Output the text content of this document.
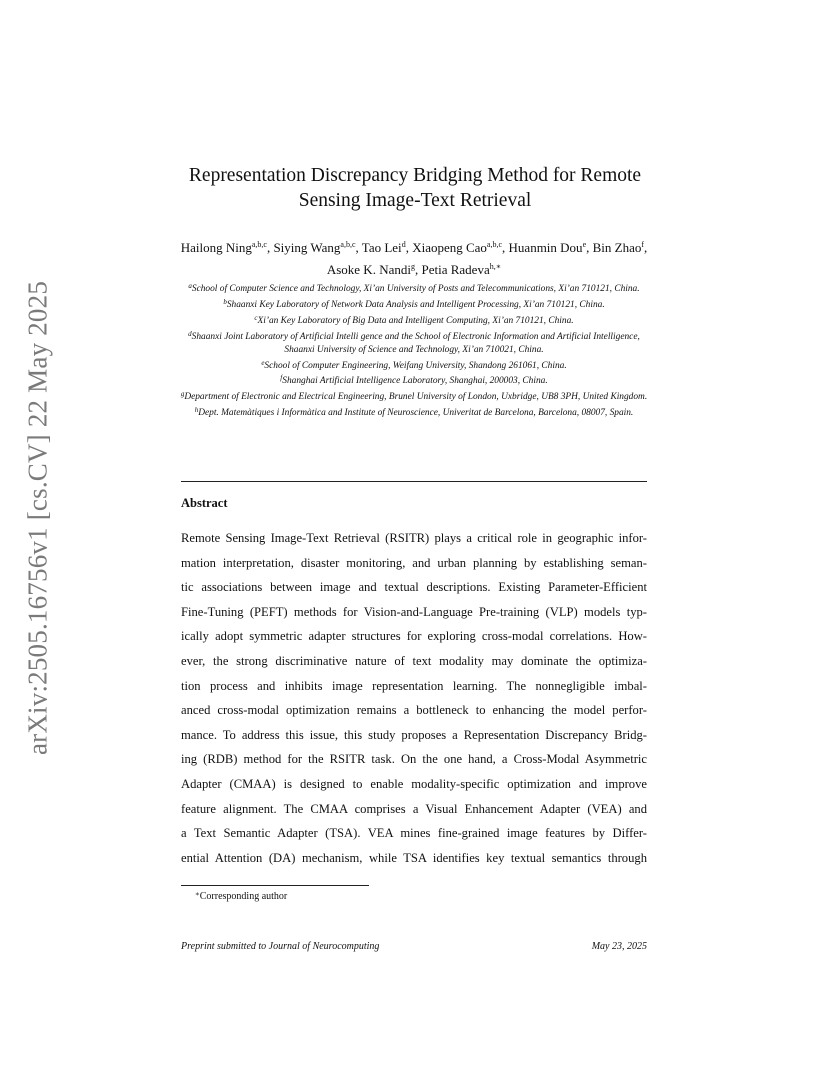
arXiv:2505.16756v1 [cs.CV] 22 May 2025
Representation Discrepancy Bridging Method for Remote
Sensing Image-Text Retrieval
Hailong Ning$^{a,b,c}$, Siying Wang$^{a,b,c}$, Tao Lei$^d$, Xiaopeng Cao$^{a,b,c}$, Huanmin Dou$^e$, Bin Zhao$^f$, Asoke K. Nandi$^g$, Petia Radeva$^{h,∗}$
$^a$School of Computer Science and Technology, Xi’an University of Posts and Telecommunications, Xi’an 710121, China.
$^b$Shaanxi Key Laboratory of Network Data Analysis and Intelligent Processing, Xi’an 710121, China.
$^c$Xi’an Key Laboratory of Big Data and Intelligent Computing, Xi’an 710121, China.
$^d$Shaanxi Joint Laboratory of Artificial Intelli gence and the School of Electronic Information and Artificial Intelligence, Shaanxi University of Science and Technology, Xi’an 710021, China.
$^e$School of Computer Engineering, Weifang University, Shandong 261061, China.
$^f$Shanghai Artificial Intelligence Laboratory, Shanghai, 200003, China.
$^g$Department of Electronic and Electrical Engineering, Brunel University of London, Uxbridge, UB8 3PH, United Kingdom.
$^h$Dept. Matemàtiques i Informàtica and Institute of Neuroscience, Univeritat de Barcelona, Barcelona, 08007, Spain.
Abstract
Remote Sensing Image-Text Retrieval (RSITR) plays a critical role in geographic infor-
mation interpretation, disaster monitoring, and urban planning by establishing seman-
tic associations between image and textual descriptions. Existing Parameter-Efficient
Fine-Tuning (PEFT) methods for Vision-and-Language Pre-training (VLP) models typ-
ically adopt symmetric adapter structures for exploring cross-modal correlations. How-
ever, the strong discriminative nature of text modality may dominate the optimiza-
tion process and inhibits image representation learning. The nonnegligible imbal-
anced cross-modal optimization remains a bottleneck to enhancing the model perfor-
mance. To address this issue, this study proposes a Representation Discrepancy Bridg-
ing (RDB) method for the RSITR task. On the one hand, a Cross-Modal Asymmetric
Adapter (CMAA) is designed to enable modality-specific optimization and improve
feature alignment. The CMAA comprises a Visual Enhancement Adapter (VEA) and
a Text Semantic Adapter (TSA). VEA mines fine-grained image features by Differ-
ential Attention (DA) mechanism, while TSA identifies key textual semantics through
∗Corresponding author
Preprint submitted to Journal of Neurocomputing	May 23, 2025
